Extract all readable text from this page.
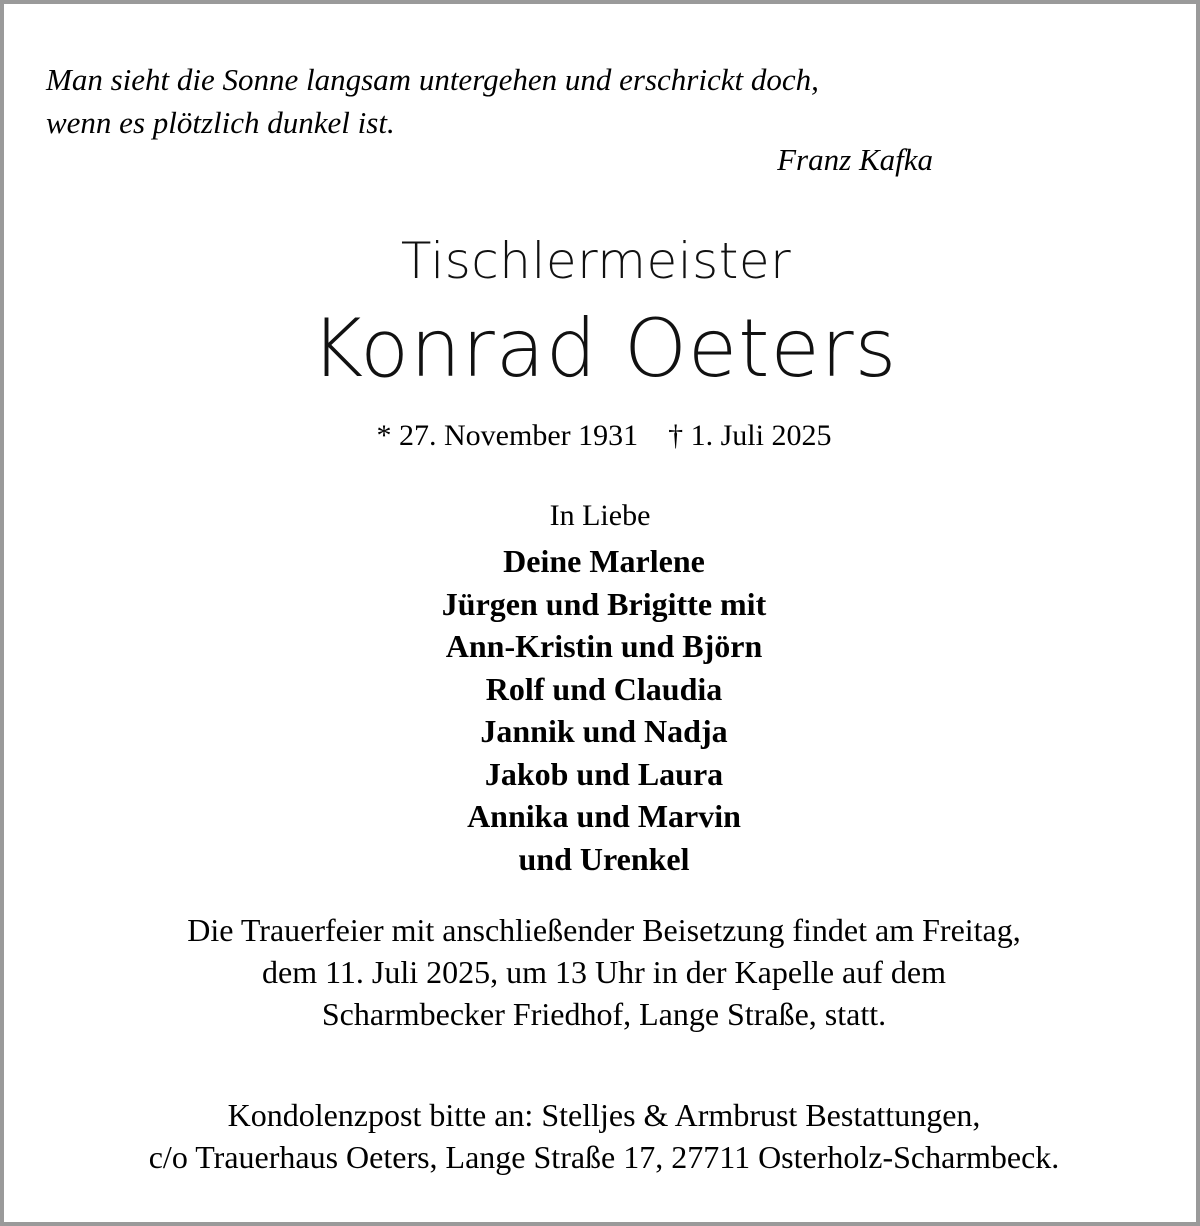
Man sieht die Sonne langsam untergehen und erschrickt doch,
wenn es plötzlich dunkel ist.
Franz Kafka
Tischlermeister
Konrad Oeters
* 27. November 1931 † 1. Juli 2025
In Liebe
Deine Marlene
Jürgen und Brigitte mit
Ann-Kristin und Björn
Rolf und Claudia
Jannik und Nadja
Jakob und Laura
Annika und Marvin
und Urenkel
Die Trauerfeier mit anschließender Beisetzung findet am Freitag,
dem 11. Juli 2025, um 13 Uhr in der Kapelle auf dem
Scharmbecker Friedhof, Lange Straße, statt.
Kondolenzpost bitte an: Stelljes & Armbrust Bestattungen,
c/o Trauerhaus Oeters, Lange Straße 17, 27711 Osterholz-Scharmbeck.
